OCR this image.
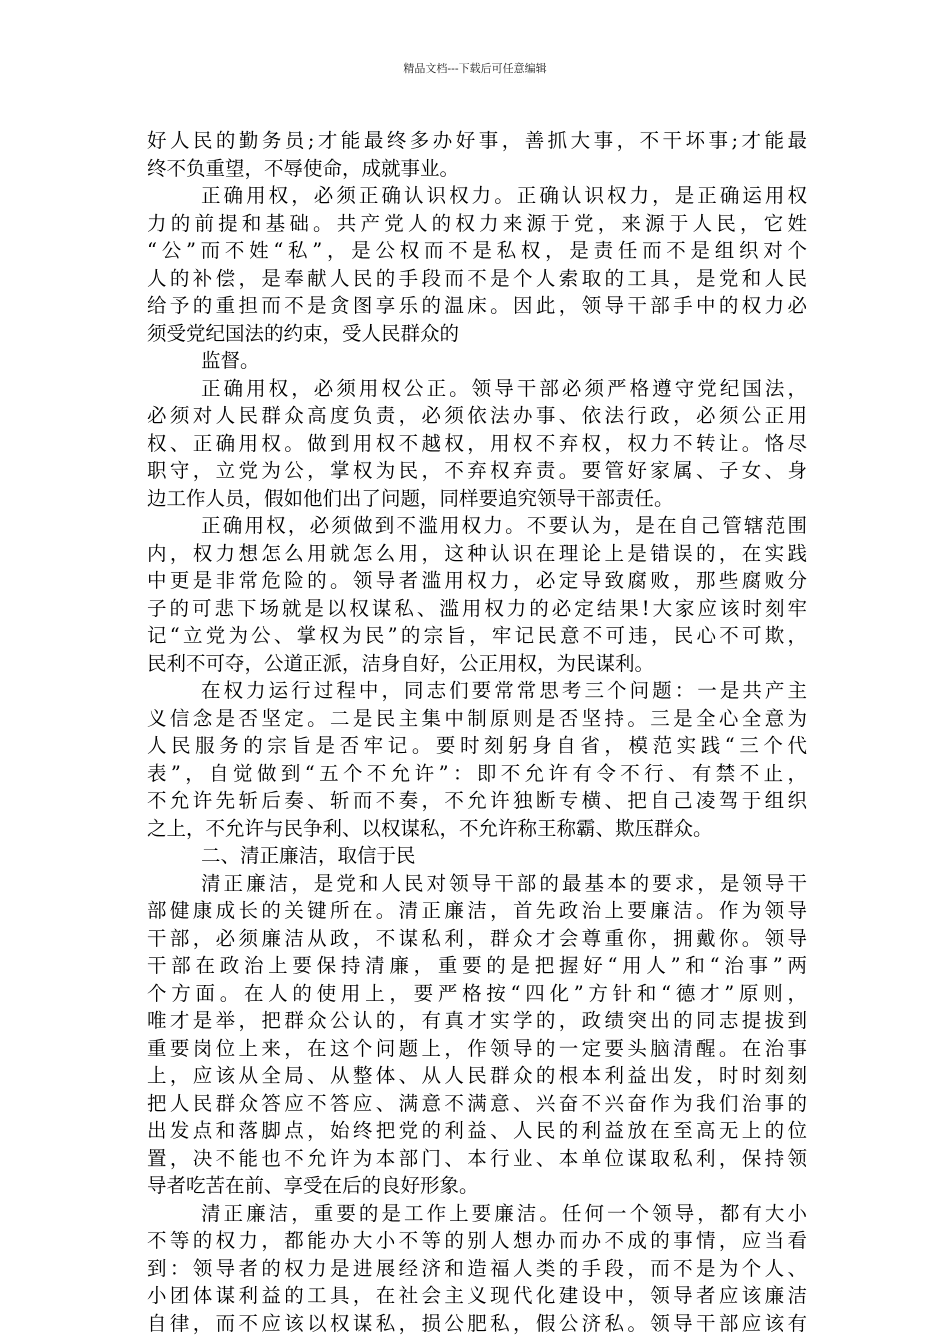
精品文档---下载后可任意编辑
好人民的勤务员;才能最终多办好事，善抓大事，不干坏事;才能最
终不负重望，不辱使命，成就事业。
正确用权，必须正确认识权力。正确认识权力，是正确运用权
力的前提和基础。共产党人的权力来源于党，来源于人民，它姓
“公”而不姓“私”，是公权而不是私权，是责任而不是组织对个
人的补偿，是奉献人民的手段而不是个人索取的工具，是党和人民
给予的重担而不是贪图享乐的温床。因此，领导干部手中的权力必
须受党纪国法的约束，受人民群众的
监督。
正确用权，必须用权公正。领导干部必须严格遵守党纪国法，
必须对人民群众高度负责，必须依法办事、依法行政，必须公正用
权、正确用权。做到用权不越权，用权不弃权，权力不转让。恪尽
职守，立党为公，掌权为民，不弃权弃责。要管好家属、子女、身
边工作人员，假如他们出了问题，同样要追究领导干部责任。
正确用权，必须做到不滥用权力。不要认为，是在自己管辖范围
内，权力想怎么用就怎么用，这种认识在理论上是错误的，在实践
中更是非常危险的。领导者滥用权力，必定导致腐败，那些腐败分
子的可悲下场就是以权谋私、滥用权力的必定结果!大家应该时刻牢
记“立党为公、掌权为民”的宗旨，牢记民意不可违，民心不可欺，
民利不可夺，公道正派，洁身自好，公正用权，为民谋利。
在权力运行过程中，同志们要常常思考三个问题：一是共产主
义信念是否坚定。二是民主集中制原则是否坚持。三是全心全意为
人民服务的宗旨是否牢记。要时刻躬身自省，模范实践“三个代
表”，自觉做到“五个不允许”：即不允许有令不行、有禁不止，
不允许先斩后奏、斩而不奏，不允许独断专横、把自己凌驾于组织
之上，不允许与民争利、以权谋私，不允许称王称霸、欺压群众。
二、清正廉洁，取信于民
清正廉洁，是党和人民对领导干部的最基本的要求，是领导干
部健康成长的关键所在。清正廉洁，首先政治上要廉洁。作为领导
干部，必须廉洁从政，不谋私利，群众才会尊重你，拥戴你。领导
干部在政治上要保持清廉，重要的是把握好“用人”和“治事”两
个方面。在人的使用上，要严格按“四化”方针和“德才”原则，
唯才是举，把群众公认的，有真才实学的，政绩突出的同志提拔到
重要岗位上来，在这个问题上，作领导的一定要头脑清醒。在治事
上，应该从全局、从整体、从人民群众的根本利益出发，时时刻刻
把人民群众答应不答应、满意不满意、兴奋不兴奋作为我们治事的
出发点和落脚点，始终把党的利益、人民的利益放在至高无上的位
置，决不能也不允许为本部门、本行业、本单位谋取私利，保持领
导者吃苦在前、享受在后的良好形象。
清正廉洁，重要的是工作上要廉洁。任何一个领导，都有大小
不等的权力，都能办大小不等的别人想办而办不成的事情，应当看
到：领导者的权力是进展经济和造福人类的手段，而不是为个人、
小团体谋利益的工具，在社会主义现代化建设中，领导者应该廉洁
自律，而不应该以权谋私，损公肥私，假公济私。领导干部应该有
